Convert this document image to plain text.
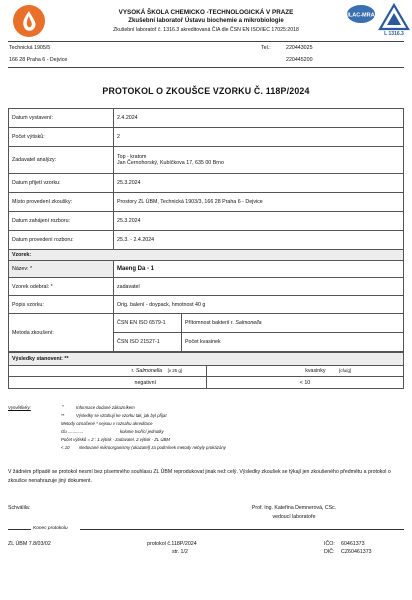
ILAC-MRA
L 1316.3
VYSOKÁ ŠKOLA CHEMICKO -TECHNOLOGICKÁ V PRAZE
Zkušební laboratoř Ústavu biochemie a mikrobiologie
Zkušební laboratoř č. 1316.3 akreditovaná ČIA dle ČSN EN ISO/IEC 17025:2018
Technická 1905/5
166 28 Praha 6 - Dejvice
Tel.:	220443025
220445200
PROTOKOL O ZKOUŠCE VZORKU Č. 118P/2024
Datum vystavení:	2.4.2024
Počet výtisků:	2
Zadavatel analýzy:	Top - kratom
Jan Černohorský, Kubíčkova 17, 635 00 Brno

Datum přijetí vzorku:	25.3.2024
Místo provedení zkoušky:	Prostory ZL ÚBM, Technická 1903/3, 166 28 Praha 6 - Dejvice
Datum zahájení rozboru:	25.3.2024
Datum provedení rozboru:	25.3. - 2.4.2024
Vzorek:		
Název: *	Maeng Da - 1	
Vzorek odebral: *	zadavatel	
Popis vzorku:	Orig. balení - doypack, hmotnost 40 g	
Metoda zkoušení:	ČSN EN ISO 6579-1	Přítomnost bakterií r. Salmonella
	ČSN ISO 21527-1	Počet kvasinek
Výsledky stanovení: **	
r. Salmonella [v 25 g]	kvasinky [cfu/g]
negativní	< 10
Vysvětlivky:	*	Informace dodané zákazníkem
**	Výsledky se vztahují ke vzorku tak, jak byl přijat
Metody označené * nejsou v rozsahu akreditace
cfu .............	kolonie tvořící jednotky
Počet výtisků = 2 : 1.výtisk - zadavatel, 2.výtisk - ZL ÚBM
< 10 sledované mikroorganismy (ukazatel) za podmínek metody nebyly prokázány
V žádném případě se protokol nesmí bez písemného souhlasu ZL ÚBM reprodukovat jinak než celý. Výsledky zkoušek se týkají jen zkoušeného předmětu a protokol o zkoušce nenahrazuje jiný dokument.
Schválila:	Prof. Ing. Kateřina Demnerová, CSc.
vedoucí laboratoře
Konec protokolu
ZL ÚBM 7.8/03/02	protokol č.118P/2024
str. 1/2
IČO: 60461373
DIČ: CZ60461373
